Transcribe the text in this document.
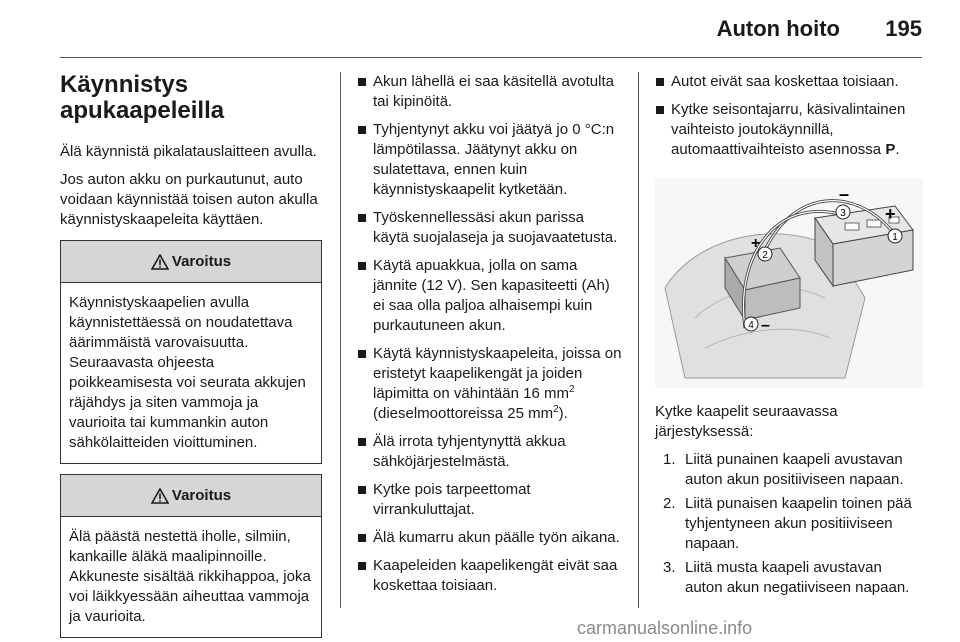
Auton hoito 195
Käynnistys
apukaapeleilla

Älä käynnistä pikalatauslaitteen avulla.

Jos auton akku on purkautunut, auto voidaan käynnistää toisen auton akulla käynnistyskaapeleita käyttäen.

Varoitus
Käynnistyskaapelien avulla käynnistettäessä on noudatettava äärimmäistä varovaisuutta. Seuraavasta ohjeesta poikkeamisesta voi seurata akkujen räjähdys ja siten vammoja ja vaurioita tai kummankin auton sähkölaitteiden vioittuminen.
Varoitus
Älä päästä nestettä iholle, silmiin, kankaille äläkä maalipinnoille. Akkuneste sisältää rikkihappoa, joka voi läikkyessään aiheuttaa vammoja ja vaurioita.
Akun lähellä ei saa käsitellä avotulta tai kipinöitä.
Tyhjentynyt akku voi jäätyä jo 0 °C:n lämpötilassa. Jäätynyt akku on sulatettava, ennen kuin käynnistyskaapelit kytketään.
Työskennellessäsi akun parissa käytä suojalaseja ja suojavaatetusta.
Käytä apuakkua, jolla on sama jännite (12 V). Sen kapasiteetti (Ah) ei saa olla paljoa alhaisempi kuin purkautuneen akun.
Käytä käynnistyskaapeleita, joissa on eristetyt kaapelikengät ja joiden läpimitta on vähintään 16 $mm^2$ (dieselmoottoreissa 25 $mm^2$).
Älä irrota tyhjentynyttä akkua sähköjärjestelmästä.
Kytke pois tarpeettomat virrankuluttajat.
Älä kumarru akun päälle työn aikana.
Kaapeleiden kaapelikengät eivät saa koskettaa toisiaan.
Autot eivät saa koskettaa toisiaan.
Kytke seisontajarru, käsivalintainen vaihteisto joutokäynnillä, automaattivaihteisto asennossa P.
1
2
3
4
+
+
–
–

Kytke kaapelit seuraavassa järjestyksessä:

1. Liitä punainen kaapeli avustavan auton akun positiiviseen napaan.
2. Liitä punaisen kaapelin toinen pää tyhjentyneen akun positiiviseen napaan.
3. Liitä musta kaapeli avustavan auton akun negatiiviseen napaan.
carmanualsonline.info
